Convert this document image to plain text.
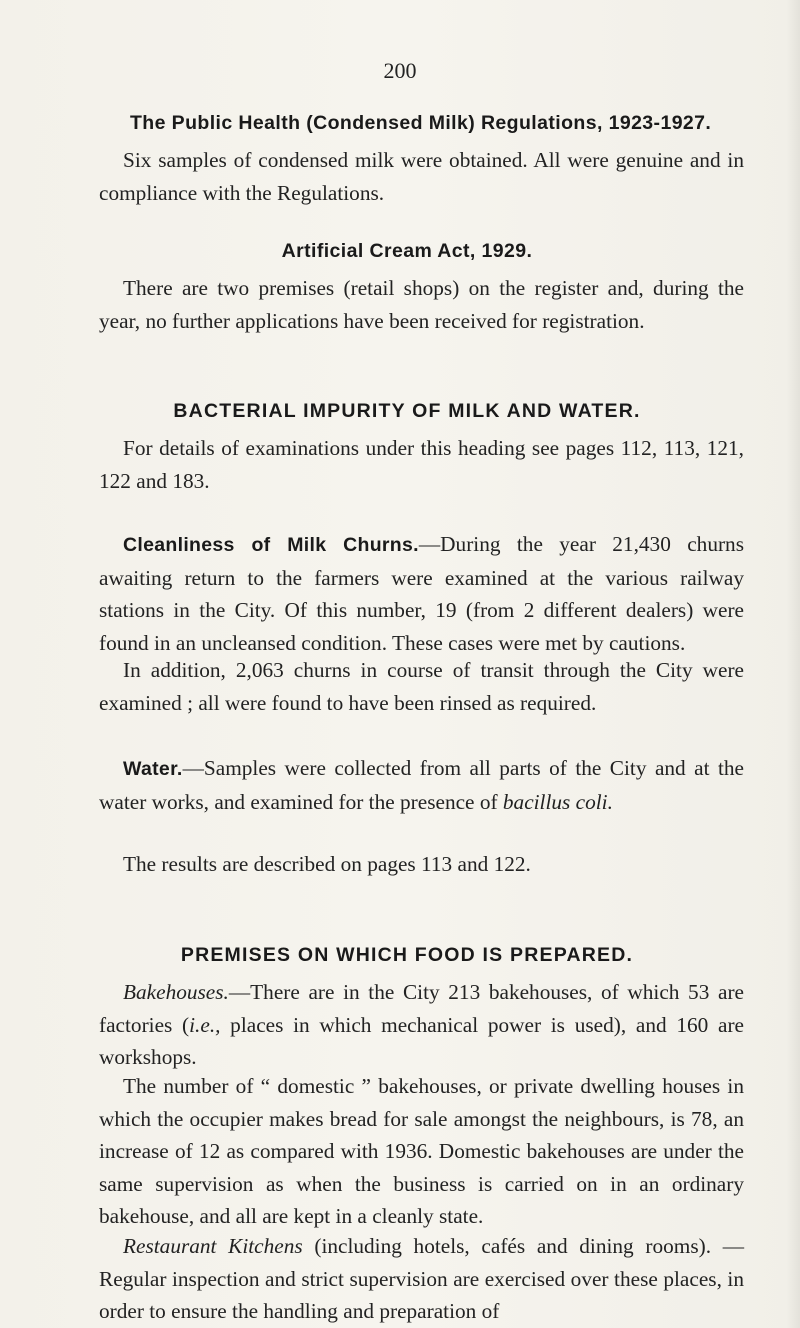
200
The Public Health (Condensed Milk) Regulations, 1923-1927.
Six samples of condensed milk were obtained. All were genuine and in compliance with the Regulations.
Artificial Cream Act, 1929.
There are two premises (retail shops) on the register and, during the year, no further applications have been received for registration.
BACTERIAL IMPURITY OF MILK AND WATER.
For details of examinations under this heading see pages 112, 113, 121, 122 and 183.
Cleanliness of Milk Churns.—During the year 21,430 churns awaiting return to the farmers were examined at the various railway stations in the City. Of this number, 19 (from 2 different dealers) were found in an uncleansed condition. These cases were met by cautions.
In addition, 2,063 churns in course of transit through the City were examined ; all were found to have been rinsed as required.
Water.—Samples were collected from all parts of the City and at the water works, and examined for the presence of bacillus coli.
The results are described on pages 113 and 122.
PREMISES ON WHICH FOOD IS PREPARED.
Bakehouses.—There are in the City 213 bakehouses, of which 53 are factories (i.e., places in which mechanical power is used), and 160 are workshops.
The number of “ domestic ” bakehouses, or private dwelling houses in which the occupier makes bread for sale amongst the neighbours, is 78, an increase of 12 as compared with 1936. Domestic bakehouses are under the same supervision as when the business is carried on in an ordinary bakehouse, and all are kept in a cleanly state.
Restaurant Kitchens (including hotels, cafés and dining rooms). —Regular inspection and strict supervision are exercised over these places, in order to ensure the handling and preparation of
